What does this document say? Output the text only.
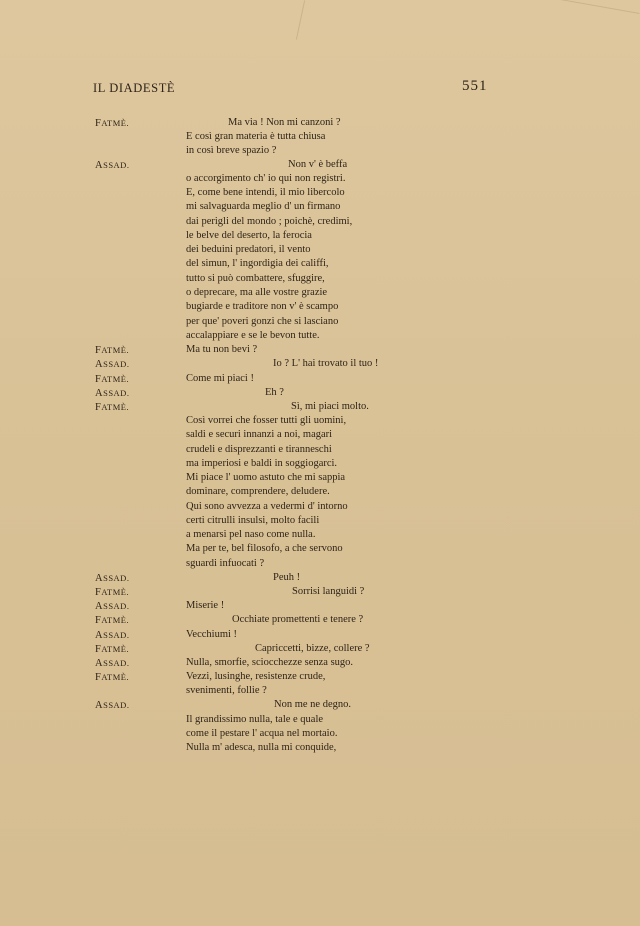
IL DIADESTÈ	551
FATMÈ.
ASSAD.
FATMÈ.
ASSAD.
FATMÈ.
ASSAD.
FATMÈ.
ASSAD.
FATMÈ.
ASSAD.
FATMÈ.
ASSAD.
FATMÈ.
ASSAD.
FATMÈ.
ASSAD.
Ma via ! Non mi canzoni ?
E così gran materia è tutta chiusa
in così breve spazio ?
Non v' è beffa
o accorgimento ch' io qui non registri.
E, come bene intendi, il mio libercolo
mi salvaguarda meglio d' un firmano
dai perigli del mondo ; poichè, credimi,
le belve del deserto, la ferocia
dei beduini predatori, il vento
del simun, l' ingordigia dei califfi,
tutto si può combattere, sfuggire,
o deprecare, ma alle vostre grazie
bugiarde e traditore non v' è scampo
per que' poveri gonzi che si lasciano
accalappiare e se le bevon tutte.
Ma tu non bevi ?
Io ? L' hai trovato il tuo !
Come mi piaci !
Eh ?
Sì, mi piaci molto.
Così vorrei che fosser tutti gli uomini,
saldi e securi innanzi a noi, magari
crudeli e disprezzanti e tiranneschi
ma imperiosi e baldi in soggiogarci.
Mi piace l' uomo astuto che mi sappia
dominare, comprendere, deludere.
Qui sono avvezza a vedermi d' intorno
certi citrulli insulsi, molto facili
a menarsi pel naso come nulla.
Ma per te, bel filosofo, a che servono
sguardi infuocati ?
Peuh !
Sorrisi languidi ?
Miserie !
Occhiate promettenti e tenere ?
Vecchiumi !
Capriccetti, bizze, collere ?
Nulla, smorfie, sciocchezze senza sugo.
Vezzi, lusinghe, resistenze crude,
svenimenti, follie ?
Non me ne degno.
Il grandissimo nulla, tale e quale
come il pestare l' acqua nel mortaio.
Nulla m' adesca, nulla mi conquide,
